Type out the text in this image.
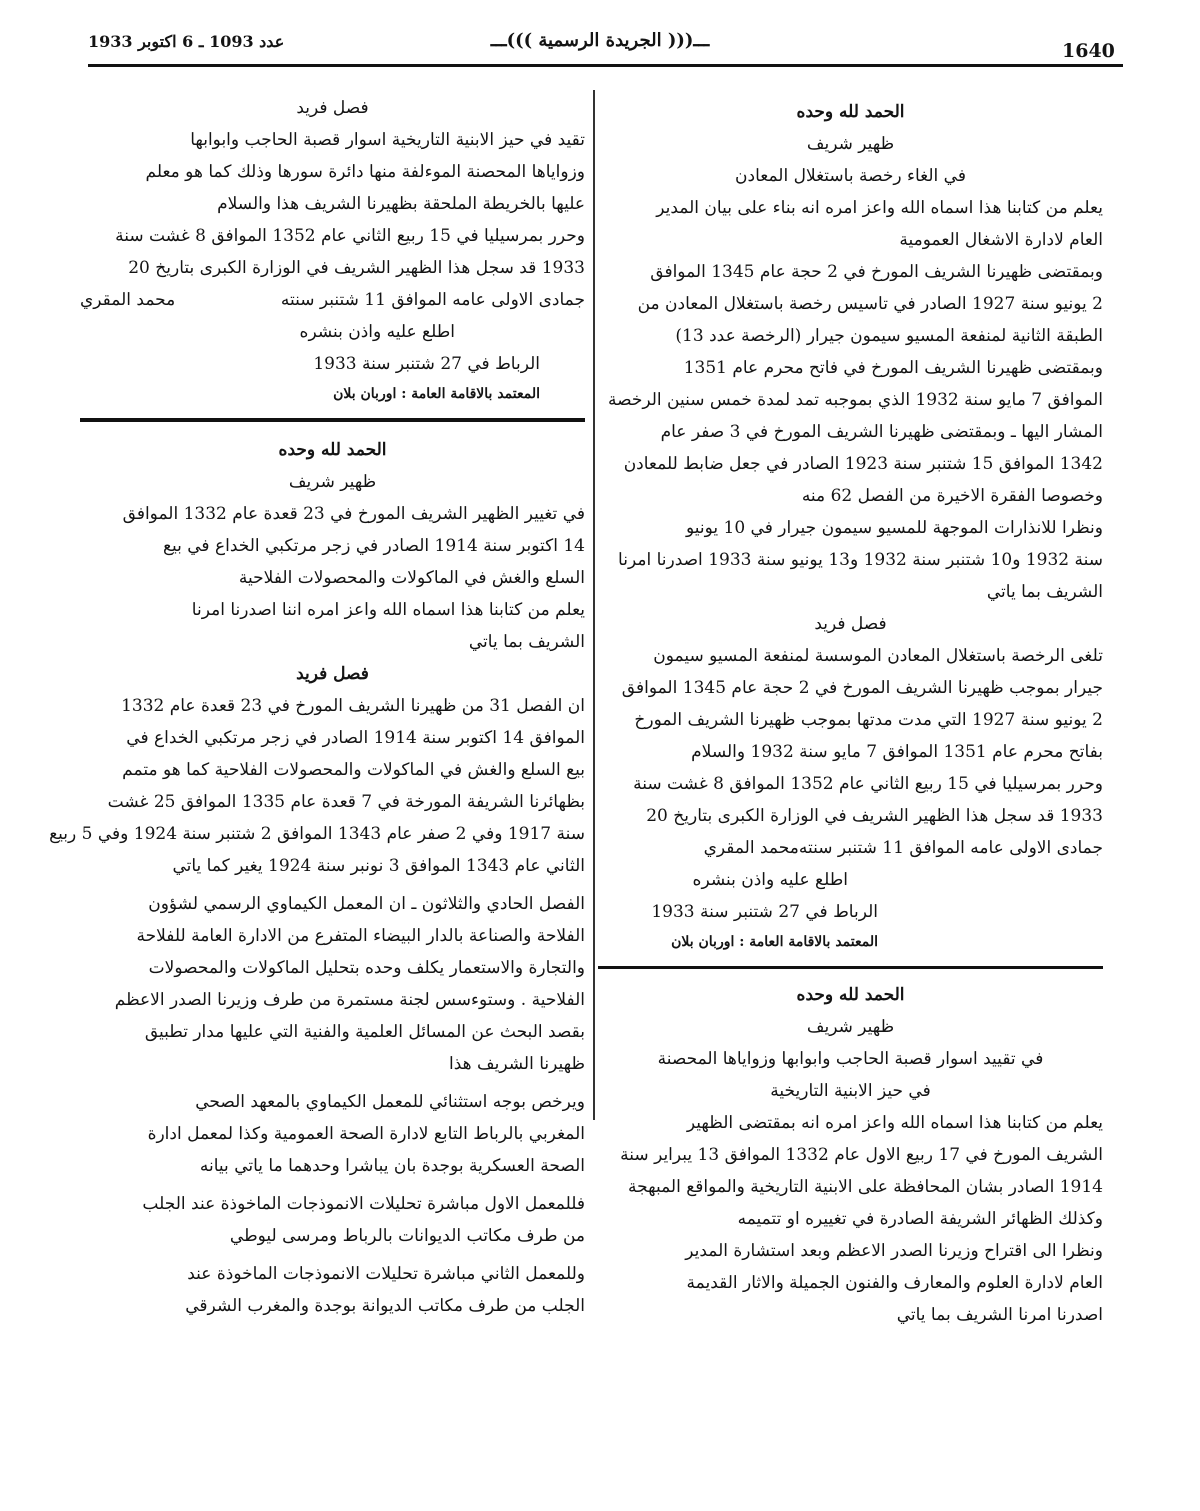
1640
ـــ((( الجريدة الرسمية )))ـــ
عدد 1093 ـ 6 اكتوبر 1933
الحمد لله وحده
ظهير شريف
في الغاء رخصة باستغلال المعادن
يعلم من كتابنا هذا اسماه الله واعز امره انه بناء على بيان المدير
العام لادارة الاشغال العمومية
وبمقتضى ظهيرنا الشريف المورخ في 2 حجة عام 1345 الموافق
2 يونيو سنة 1927 الصادر في تاسيس رخصة باستغلال المعادن من
الطبقة الثانية لمنفعة المسيو سيمون جيرار (الرخصة عدد 13)
وبمقتضى ظهيرنا الشريف المورخ في فاتح محرم عام 1351
الموافق 7 مايو سنة 1932 الذي بموجبه تمد لمدة خمس سنين الرخصة
المشار اليها ـ وبمقتضى ظهيرنا الشريف المورخ في 3 صفر عام
1342 الموافق 15 شتنبر سنة 1923 الصادر في جعل ضابط للمعادن
وخصوصا الفقرة الاخيرة من الفصل 62 منه
ونظرا للانذارات الموجهة للمسيو سيمون جيرار في 10 يونيو
سنة 1932 و10 شتنبر سنة 1932 و13 يونيو سنة 1933 اصدرنا امرنا
الشريف بما ياتي
فصل فريد
تلغى الرخصة باستغلال المعادن الموسسة لمنفعة المسيو سيمون
جيرار بموجب ظهيرنا الشريف المورخ في 2 حجة عام 1345 الموافق
2 يونيو سنة 1927 التي مدت مدتها بموجب ظهيرنا الشريف المورخ
بفاتح محرم عام 1351 الموافق 7 مايو سنة 1932 والسلام
وحرر بمرسيليا في 15 ربيع الثاني عام 1352 الموافق 8 غشت سنة
1933 قد سجل هذا الظهير الشريف في الوزارة الكبرى بتاريخ 20
جمادى الاولى عامه الموافق 11 شتنبر سنته
محمد المقري
اطلع عليه واذن بنشره
الرباط في 27 شتنبر سنة 1933
المعتمد بالاقامة العامة : اوربان بلان
الحمد لله وحده
ظهير شريف
في تقييد اسوار قصبة الحاجب وابوابها وزواياها المحصنة
في حيز الابنية التاريخية
يعلم من كتابنا هذا اسماه الله واعز امره انه بمقتضى الظهير
الشريف المورخ في 17 ربيع الاول عام 1332 الموافق 13 يبراير سنة
1914 الصادر بشان المحافظة على الابنية التاريخية والمواقع المبهجة
وكذلك الظهائر الشريفة الصادرة في تغييره او تتميمه
ونظرا الى اقتراح وزيرنا الصدر الاعظم وبعد استشارة المدير
العام لادارة العلوم والمعارف والفنون الجميلة والاثار القديمة
اصدرنا امرنا الشريف بما ياتي
فصل فريد
تقيد في حيز الابنية التاريخية اسوار قصبة الحاجب وابوابها
وزواياها المحصنة الموءلفة منها دائرة سورها وذلك كما هو معلم
عليها بالخريطة الملحقة بظهيرنا الشريف هذا والسلام
وحرر بمرسيليا في 15 ربيع الثاني عام 1352 الموافق 8 غشت سنة
1933 قد سجل هذا الظهير الشريف في الوزارة الكبرى بتاريخ 20
جمادى الاولى عامه الموافق 11 شتنبر سنته
محمد المقري
اطلع عليه واذن بنشره
الرباط في 27 شتنبر سنة 1933
المعتمد بالاقامة العامة : اوربان بلان
الحمد لله وحده
ظهير شريف
في تغيير الظهير الشريف المورخ في 23 قعدة عام 1332 الموافق
14 اكتوبر سنة 1914 الصادر في زجر مرتكبي الخداع في بيع
السلع والغش في الماكولات والمحصولات الفلاحية
يعلم من كتابنا هذا اسماه الله واعز امره اننا اصدرنا امرنا
الشريف بما ياتي
فصل فريد
ان الفصل 31 من ظهيرنا الشريف المورخ في 23 قعدة عام 1332
الموافق 14 اكتوبر سنة 1914 الصادر في زجر مرتكبي الخداع في
بيع السلع والغش في الماكولات والمحصولات الفلاحية كما هو متمم
بظهائرنا الشريفة المورخة في 7 قعدة عام 1335 الموافق 25 غشت
سنة 1917 وفي 2 صفر عام 1343 الموافق 2 شتنبر سنة 1924 وفي 5 ربيع
الثاني عام 1343 الموافق 3 نونبر سنة 1924 يغير كما ياتي
الفصل الحادي والثلاثون ـ ان المعمل الكيماوي الرسمي لشؤون
الفلاحة والصناعة بالدار البيضاء المتفرع من الادارة العامة للفلاحة
والتجارة والاستعمار يكلف وحده بتحليل الماكولات والمحصولات
الفلاحية . وستوءسس لجنة مستمرة من طرف وزيرنا الصدر الاعظم
بقصد البحث عن المسائل العلمية والفنية التي عليها مدار تطبيق
ظهيرنا الشريف هذا
ويرخص بوجه استثنائي للمعمل الكيماوي بالمعهد الصحي
المغربي بالرباط التابع لادارة الصحة العمومية وكذا لمعمل ادارة
الصحة العسكرية بوجدة بان يباشرا وحدهما ما ياتي بيانه
فللمعمل الاول مباشرة تحليلات الانموذجات الماخوذة عند الجلب
من طرف مكاتب الديوانات بالرباط ومرسى ليوطي
وللمعمل الثاني مباشرة تحليلات الانموذجات الماخوذة عند
الجلب من طرف مكاتب الديوانة بوجدة والمغرب الشرقي
